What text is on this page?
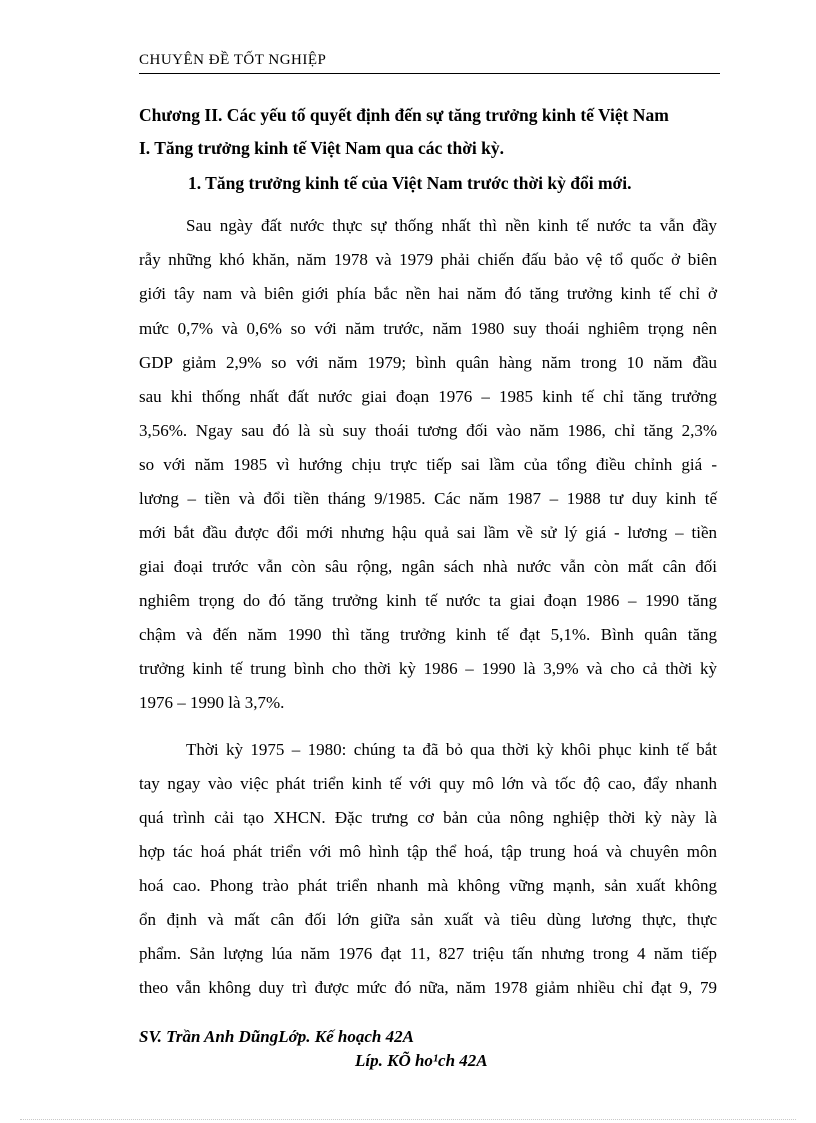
CHUYÊN ĐỀ TỐT NGHIỆP
Chương II. Các yếu tố quyết định đến sự tăng trưởng kinh tế Việt Nam
I. Tăng trưởng kinh tế Việt Nam qua các thời kỳ.
1. Tăng trưởng kinh tế của Việt Nam trước thời kỳ đổi mới.
Sau ngày đất nước thực sự thống nhất thì nền kinh tế nước ta vẫn đầy
rẫy những khó khăn, năm 1978 và 1979 phải chiến đấu bảo vệ tổ quốc ở biên
giới tây nam và biên giới phía bắc nền hai năm đó tăng trưởng kinh tế chỉ ở
mức 0,7% và 0,6% so với năm trước, năm 1980 suy thoái nghiêm trọng nên
GDP giảm 2,9% so với năm 1979; bình quân hàng năm trong 10 năm đầu
sau khi thống nhất đất nước giai đoạn 1976 – 1985 kinh tế chỉ tăng trưởng
3,56%. Ngay sau đó là sù suy thoái tương đối vào năm 1986, chỉ tăng 2,3%
so với năm 1985 vì hướng chịu trực tiếp sai lầm của tổng điều chỉnh giá -
lương – tiền và đổi tiền tháng 9/1985. Các năm 1987 – 1988 tư duy kinh tế
mới bắt đầu được đổi mới nhưng hậu quả sai lầm về sử lý giá - lương – tiền
giai đoại trước vẫn còn sâu rộng, ngân sách nhà nước vẫn còn mất cân đối
nghiêm trọng do đó tăng trưởng kinh tế nước ta giai đoạn 1986 – 1990 tăng
chậm và đến năm 1990 thì tăng trưởng kinh tế đạt 5,1%. Bình quân tăng
trưởng kinh tế trung bình cho thời kỳ 1986 – 1990 là 3,9% và cho cả thời kỳ
1976 – 1990 là 3,7%.
Thời kỳ 1975 – 1980: chúng ta đã bỏ qua thời kỳ khôi phục kinh tế bắt
tay ngay vào việc phát triển kinh tế với quy mô lớn và tốc độ cao, đẩy nhanh
quá trình cải tạo XHCN. Đặc trưng cơ bản của nông nghiệp thời kỳ này là
hợp tác hoá phát triển với mô hình tập thể hoá, tập trung hoá và chuyên môn
hoá cao. Phong trào phát triển nhanh mà không vững mạnh, sản xuất không
ổn định và mất cân đối lớn giữa sản xuất và tiêu dùng lương thực, thực
phẩm. Sản lượng lúa năm 1976 đạt 11, 827 triệu tấn nhưng trong 4 năm tiếp
theo vẫn không duy trì được mức đó nữa, năm 1978 giảm nhiều chỉ đạt 9, 79
SV. Trần Anh DũngLớp. Kế hoạch 42A
Líp. KÕ ho¹ch 42A
